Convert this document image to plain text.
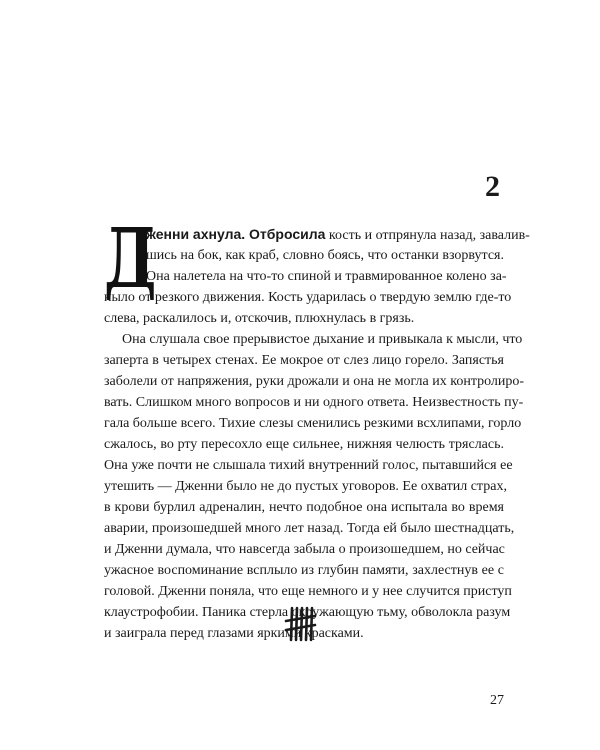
2
Д
женни ахнула. Отбросила кость и отпрянула назад, завалив-
шись на бок, как краб, словно боясь, что останки взорвутся.
Она налетела на что-то спиной и травмированное колено за-
ныло от резкого движения. Кость ударилась о твердую землю где-то
слева, раскалилось и, отскочив, плюхнулась в грязь.
Она слушала свое прерывистое дыхание и привыкала к мысли, что
заперта в четырех стенах. Ее мокрое от слез лицо горело. Запястья
заболели от напряжения, руки дрожали и она не могла их контролиро-
вать. Слишком много вопросов и ни одного ответа. Неизвестность пу-
гала больше всего. Тихие слезы сменились резкими всхлипами, горло
сжалось, во рту пересохло еще сильнее, нижняя челюсть тряслась.
Она уже почти не слышала тихий внутренний голос, пытавшийся ее
утешить — Дженни было не до пустых уговоров. Ее охватил страх,
в крови бурлил адреналин, нечто подобное она испытала во время
аварии, произошедшей много лет назад. Тогда ей было шестнадцать,
и Дженни думала, что навсегда забыла о произошедшем, но сейчас
ужасное воспоминание всплыло из глубин памяти, захлестнув ее с
головой. Дженни поняла, что еще немного и у нее случится приступ
клаустрофобии. Паника стерла окружающую тьму, обволокла разум
и заиграла перед глазами яркими красками.
27
